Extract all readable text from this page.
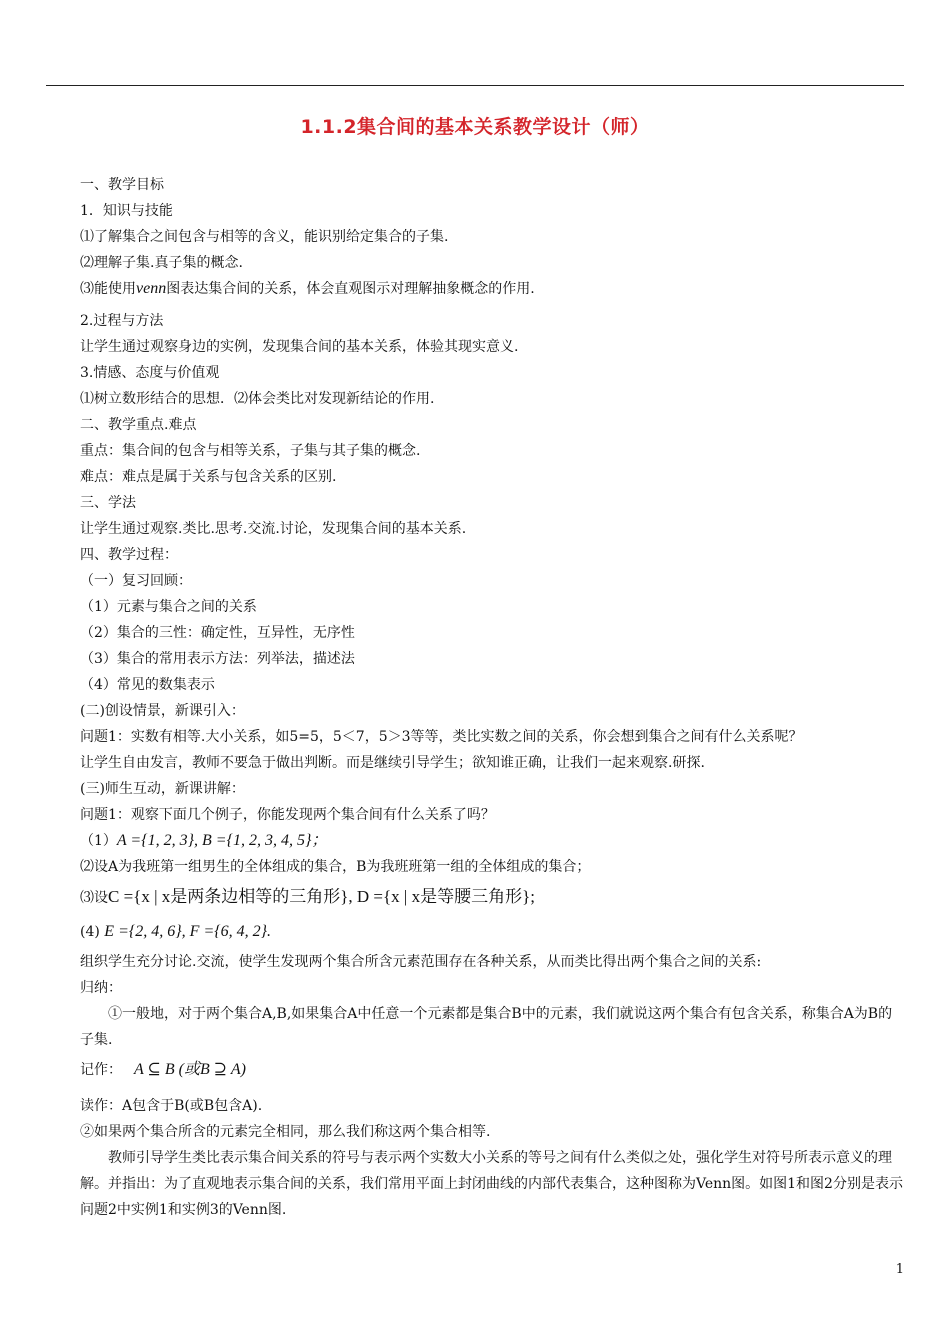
1.1.2集合间的基本关系教学设计（师）

一、教学目标

1．知识与技能

⑴了解集合之间包含与相等的含义，能识别给定集合的子集.

⑵理解子集.真子集的概念.

⑶能使用venn图表达集合间的关系，体会直观图示对理解抽象概念的作用.

2.过程与方法

让学生通过观察身边的实例，发现集合间的基本关系，体验其现实意义.

3.情感、态度与价值观

⑴树立数形结合的思想．⑵体会类比对发现新结论的作用.

二、教学重点.难点

重点：集合间的包含与相等关系，子集与其子集的概念.

难点：难点是属于关系与包含关系的区别.

三、学法

让学生通过观察.类比.思考.交流.讨论，发现集合间的基本关系.

四、教学过程：

（一）复习回顾：

（1）元素与集合之间的关系

（2）集合的三性：确定性，互异性，无序性

（3）集合的常用表示方法：列举法，描述法

（4）常见的数集表示

(二)创设情景，新课引入：

问题1：实数有相等.大小关系，如5=5，5＜7，5＞3等等，类比实数之间的关系，你会想到集合之间有什么关系呢？

让学生自由发言，教师不要急于做出判断。而是继续引导学生；欲知谁正确，让我们一起来观察.研探.

(三)师生互动，新课讲解：

问题1：观察下面几个例子，你能发现两个集合间有什么关系了吗？

（1）A ={1, 2, 3}, B ={1, 2, 3, 4, 5}；

⑵设A为我班第一组男生的全体组成的集合，B为我班班第一组的全体组成的集合；

⑶设C ={x | x是两条边相等的三角形}, D ={x | x是等腰三角形};

(4) E ={2, 4, 6}, F ={6, 4, 2}.

组织学生充分讨论.交流，使学生发现两个集合所含元素范围存在各种关系，从而类比得出两个集合之间的关系:

归纳：

①一般地，对于两个集合A,B,如果集合A中任意一个元素都是集合B中的元素，我们就说这两个集合有包含关系，称集合A为B的子集.

记作： A ⊆ B (或B ⊇ A)

读作：A包含于B(或B包含A).

②如果两个集合所含的元素完全相同，那么我们称这两个集合相等.

教师引导学生类比表示集合间关系的符号与表示两个实数大小关系的等号之间有什么类似之处，强化学生对符号所表示意义的理解。并指出：为了直观地表示集合间的关系，我们常用平面上封闭曲线的内部代表集合，这种图称为Venn图。如图1和图2分别是表示问题2中实例1和实例3的Venn图.

1
